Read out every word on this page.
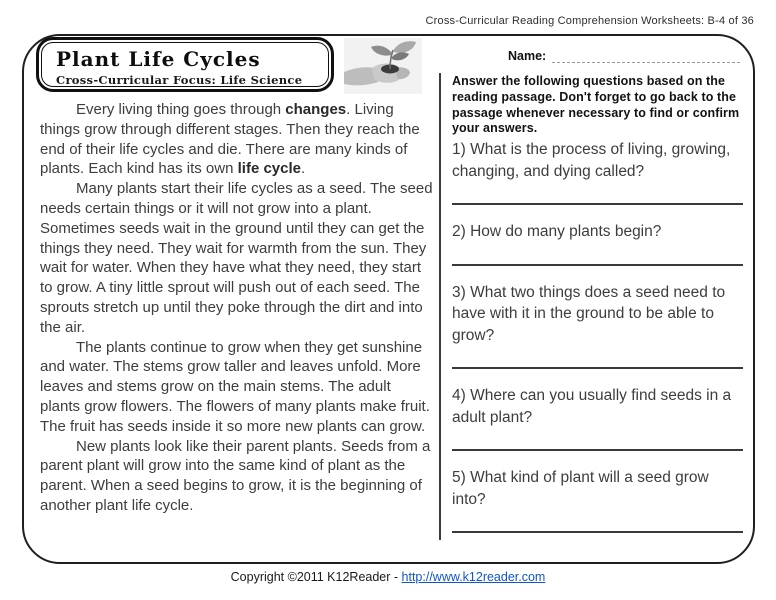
Cross-Curricular Reading Comprehension Worksheets: B-4 of 36
Plant Life Cycles
Cross-Curricular Focus: Life Science
Name:
Answer the following questions based on the reading passage. Don't forget to go back to the passage whenever necessary to find or confirm your answers.

Every living thing goes through changes. Living things grow through different stages. Then they reach the end of their life cycles and die. There are many kinds of plants. Each kind has its own life cycle.

Many plants start their life cycles as a seed. The seed needs certain things or it will not grow into a plant. Sometimes seeds wait in the ground until they can get the things they need. They wait for warmth from the sun. They wait for water. When they have what they need, they start to grow. A tiny little sprout will push out of each seed. The sprouts stretch up until they poke through the dirt and into the air.

The plants continue to grow when they get sunshine and water. The stems grow taller and leaves unfold. More leaves and stems grow on the main stems. The adult plants grow flowers. The flowers of many plants make fruit. The fruit has seeds inside it so more new plants can grow.

New plants look like their parent plants. Seeds from a parent plant will grow into the same kind of plant as the parent. When a seed begins to grow, it is the beginning of another plant life cycle.

1) What is the process of living, growing, changing, and dying called?
2) How do many plants begin?
3) What two things does a seed need to have with it in the ground to be able to grow?
4) Where can you usually find seeds in a adult plant?
5) What kind of plant will a seed grow into?
Copyright ©2011 K12Reader - http://www.k12reader.com
